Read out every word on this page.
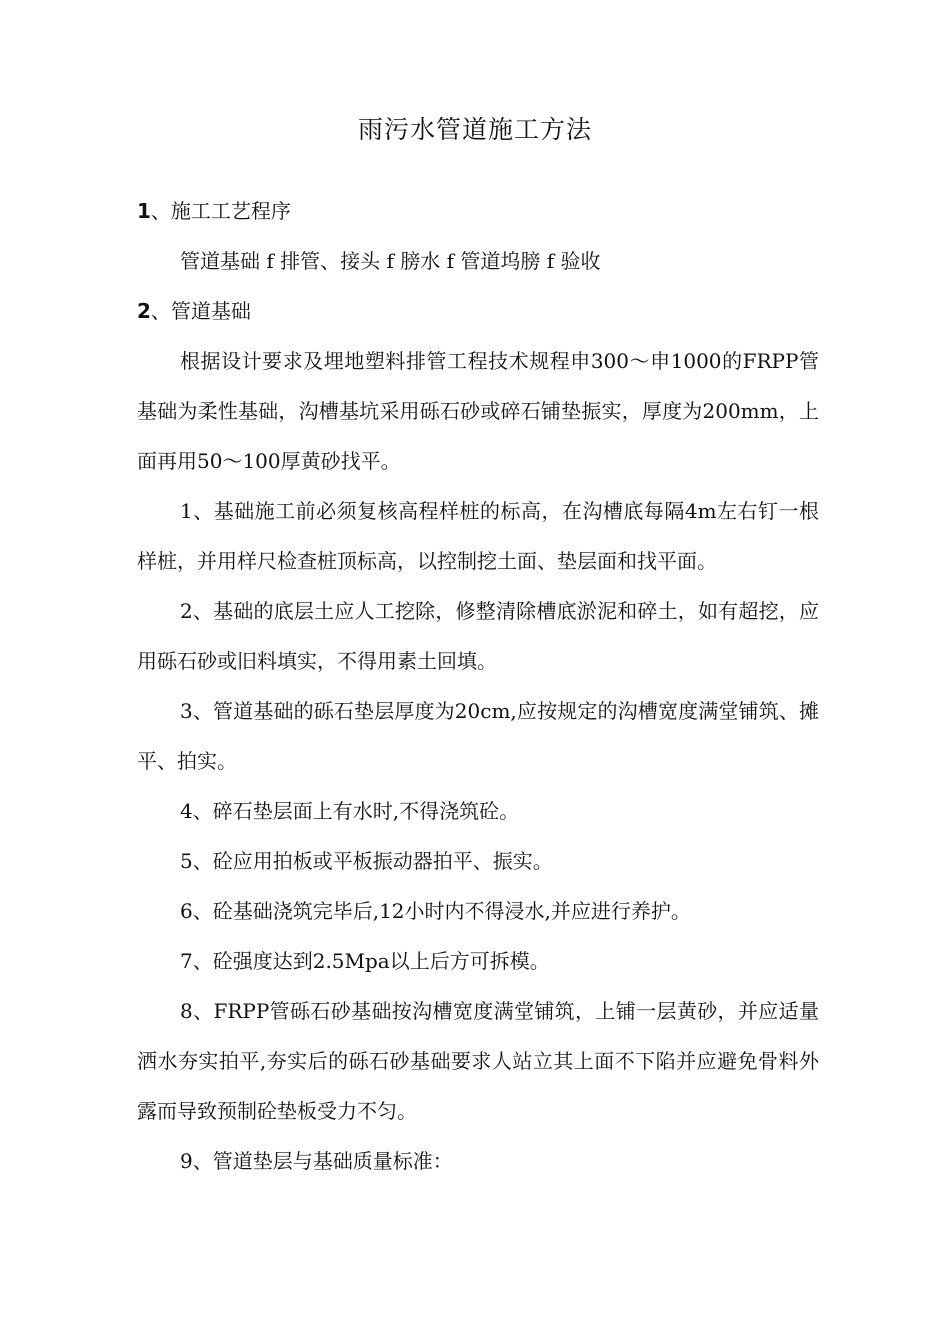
雨污水管道施工方法
1、施工工艺程序

管道基础 f 排管、接头 f 膀水 f 管道坞膀 f 验收

2、管道基础

根据设计要求及埋地塑料排管工程技术规程申300〜申1000的FRPP管基础为柔性基础，沟槽基坑采用砾石砂或碎石铺垫振实，厚度为200mm，上面再用50〜100厚黄砂找平。

1、基础施工前必须复核高程样桩的标高，在沟槽底每隔4m左右钉一根样桩，并用样尺检查桩顶标高，以控制挖土面、垫层面和找平面。

2、基础的底层土应人工挖除，修整清除槽底淤泥和碎土，如有超挖，应用砾石砂或旧料填实，不得用素土回填。

3、管道基础的砾石垫层厚度为20cm,应按规定的沟槽宽度满堂铺筑、摊平、拍实。

4、碎石垫层面上有水时,不得浇筑砼。

5、砼应用拍板或平板振动器拍平、振实。

6、砼基础浇筑完毕后,12小时内不得浸水,并应进行养护。

7、砼强度达到2.5Mpa以上后方可拆模。

8、FRPP管砾石砂基础按沟槽宽度满堂铺筑，上铺一层黄砂，并应适量洒水夯实拍平,夯实后的砾石砂基础要求人站立其上面不下陷并应避免骨料外露而导致预制砼垫板受力不匀。

9、管道垫层与基础质量标准：
